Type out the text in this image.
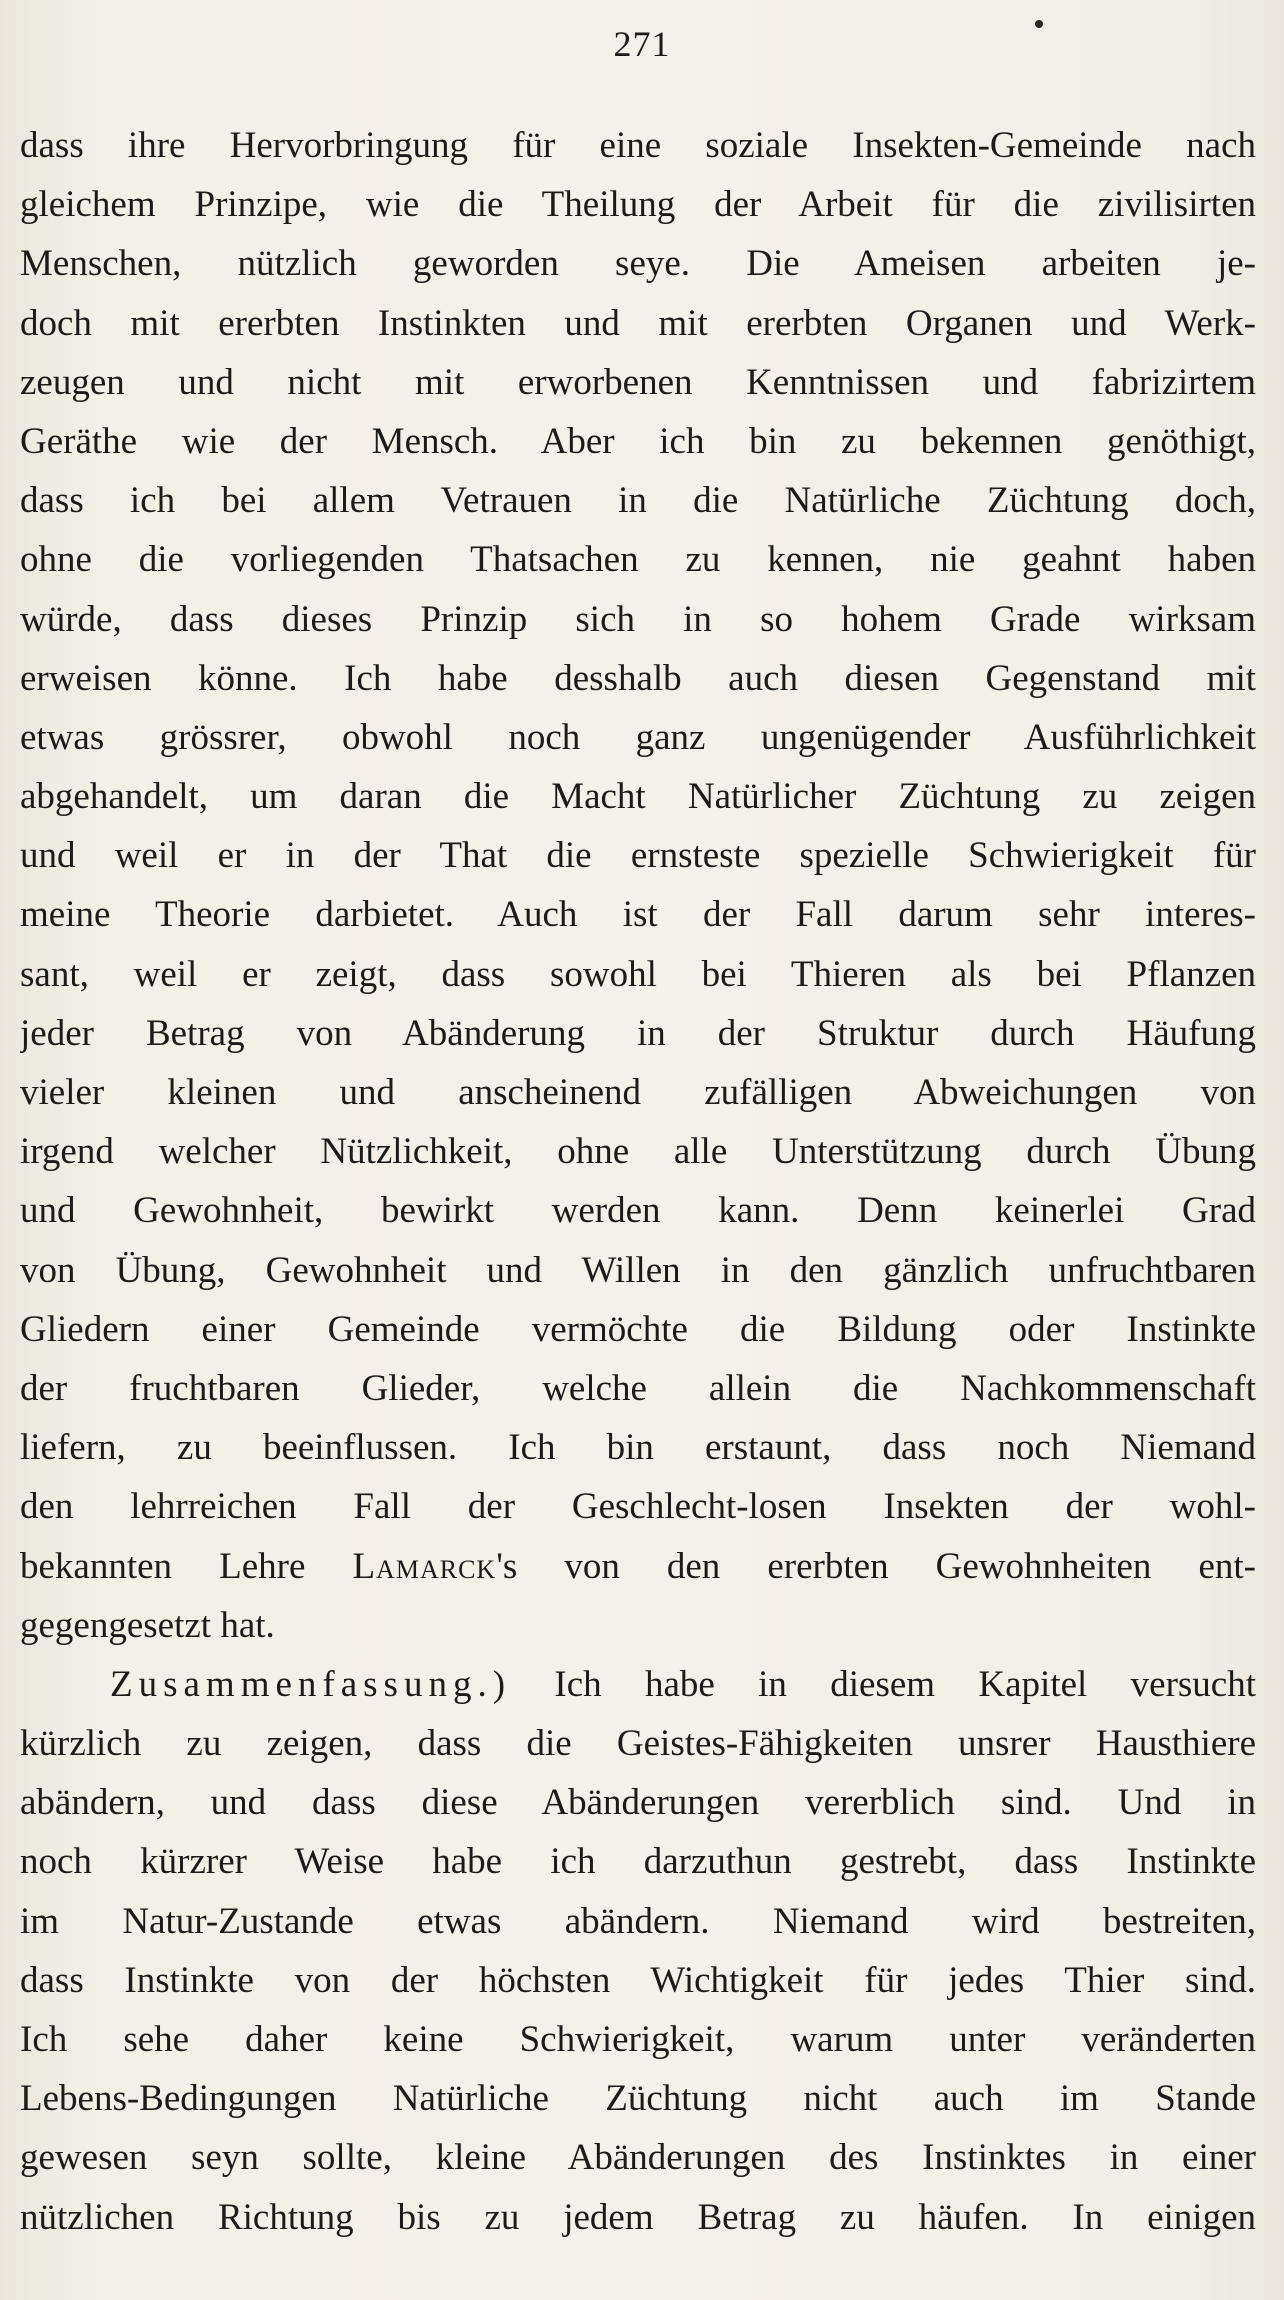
271
dass ihre Hervorbringung für eine soziale Insekten-Gemeinde nach
gleichem Prinzipe, wie die Theilung der Arbeit für die zivilisirten
Menschen, nützlich geworden seye. Die Ameisen arbeiten je-
doch mit ererbten Instinkten und mit ererbten Organen und Werk-
zeugen und nicht mit erworbenen Kenntnissen und fabrizirtem
Geräthe wie der Mensch. Aber ich bin zu bekennen genöthigt,
dass ich bei allem Vetrauen in die Natürliche Züchtung doch,
ohne die vorliegenden Thatsachen zu kennen, nie geahnt haben
würde, dass dieses Prinzip sich in so hohem Grade wirksam
erweisen könne. Ich habe desshalb auch diesen Gegenstand mit
etwas grössrer, obwohl noch ganz ungenügender Ausführlichkeit
abgehandelt, um daran die Macht Natürlicher Züchtung zu zeigen
und weil er in der That die ernsteste spezielle Schwierigkeit für
meine Theorie darbietet. Auch ist der Fall darum sehr interes-
sant, weil er zeigt, dass sowohl bei Thieren als bei Pflanzen
jeder Betrag von Abänderung in der Struktur durch Häufung
vieler kleinen und anscheinend zufälligen Abweichungen von
irgend welcher Nützlichkeit, ohne alle Unterstützung durch Übung
und Gewohnheit, bewirkt werden kann. Denn keinerlei Grad
von Übung, Gewohnheit und Willen in den gänzlich unfruchtbaren
Gliedern einer Gemeinde vermöchte die Bildung oder Instinkte
der fruchtbaren Glieder, welche allein die Nachkommenschaft
liefern, zu beeinflussen. Ich bin erstaunt, dass noch Niemand
den lehrreichen Fall der Geschlecht-losen Insekten der wohl-
bekannten Lehre Lamarck's von den ererbten Gewohnheiten ent-
gegengesetzt hat.
Zusammenfassung.) Ich habe in diesem Kapitel versucht
kürzlich zu zeigen, dass die Geistes-Fähigkeiten unsrer Hausthiere
abändern, und dass diese Abänderungen vererblich sind. Und in
noch kürzrer Weise habe ich darzuthun gestrebt, dass Instinkte
im Natur-Zustande etwas abändern. Niemand wird bestreiten,
dass Instinkte von der höchsten Wichtigkeit für jedes Thier sind.
Ich sehe daher keine Schwierigkeit, warum unter veränderten
Lebens-Bedingungen Natürliche Züchtung nicht auch im Stande
gewesen seyn sollte, kleine Abänderungen des Instinktes in einer
nützlichen Richtung bis zu jedem Betrag zu häufen. In einigen
